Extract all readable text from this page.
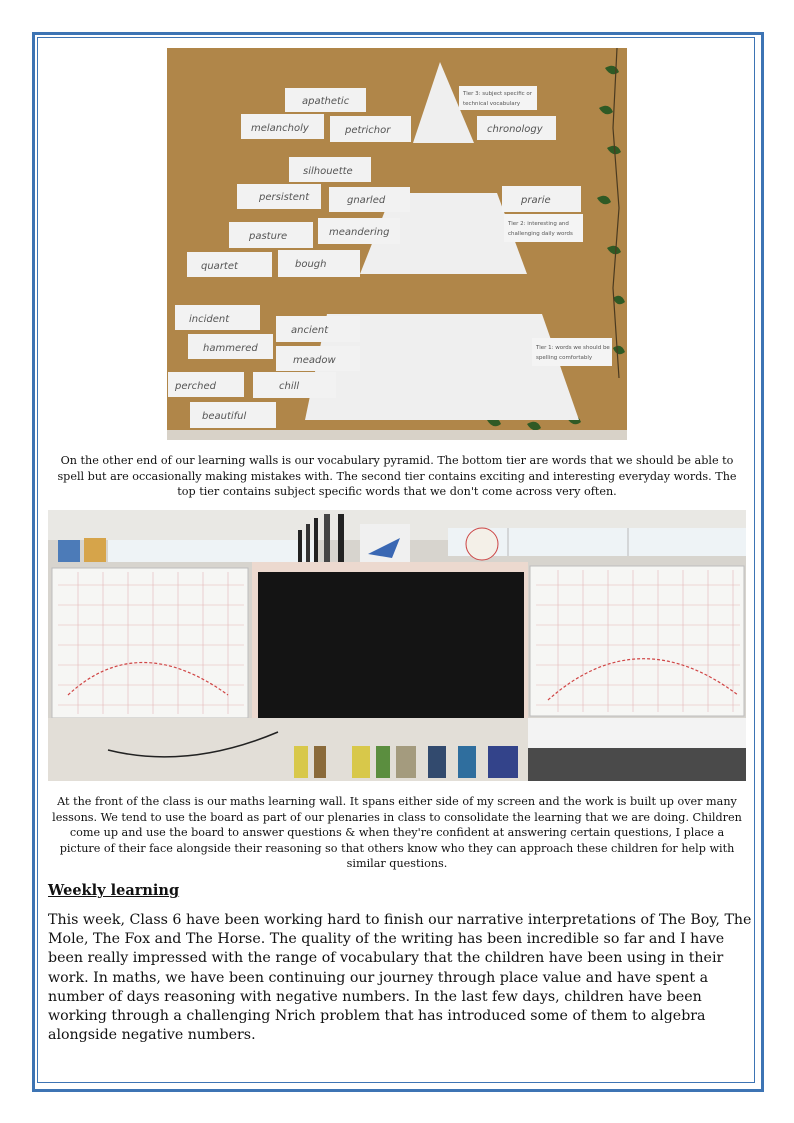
Tier 3: subject specific or
technical vocabulary
Tier 2: interesting and
challenging daily words
Tier 1: words we should be
spelling comfortably
apathetic
melancholy	petrichor	chronology
silhouette
persistent	gnarled	prarie
pasture	meandering
quartet	bough
incident
ancient
hammered
meadow
perched	chill
beautiful
On the other end of our learning walls is our vocabulary pyramid. The bottom tier are words that we should be able to spell but are occasionally making mistakes with. The second tier contains exciting and interesting everyday words. The top tier contains subject specific words that we don't come across very often.
At the front of the class is our maths learning wall. It spans either side of my screen and the work is built up over many lessons. We tend to use the board as part of our plenaries in class to consolidate the learning that we are doing. Children come up and use the board to answer questions & when they're confident at answering certain questions, I place a picture of their face alongside their reasoning so that others know who they can approach these children for help with similar questions.
Weekly learning
This week, Class 6 have been working hard to finish our narrative interpretations of The Boy, The Mole, The Fox and The Horse. The quality of the writing has been incredible so far and I have been really impressed with the range of vocabulary that the children have been using in their work. In maths, we have been continuing our journey through place value and have spent a number of days reasoning with negative numbers. In the last few days, children have been working through a challenging Nrich problem that has introduced some of them to algebra alongside negative numbers.
